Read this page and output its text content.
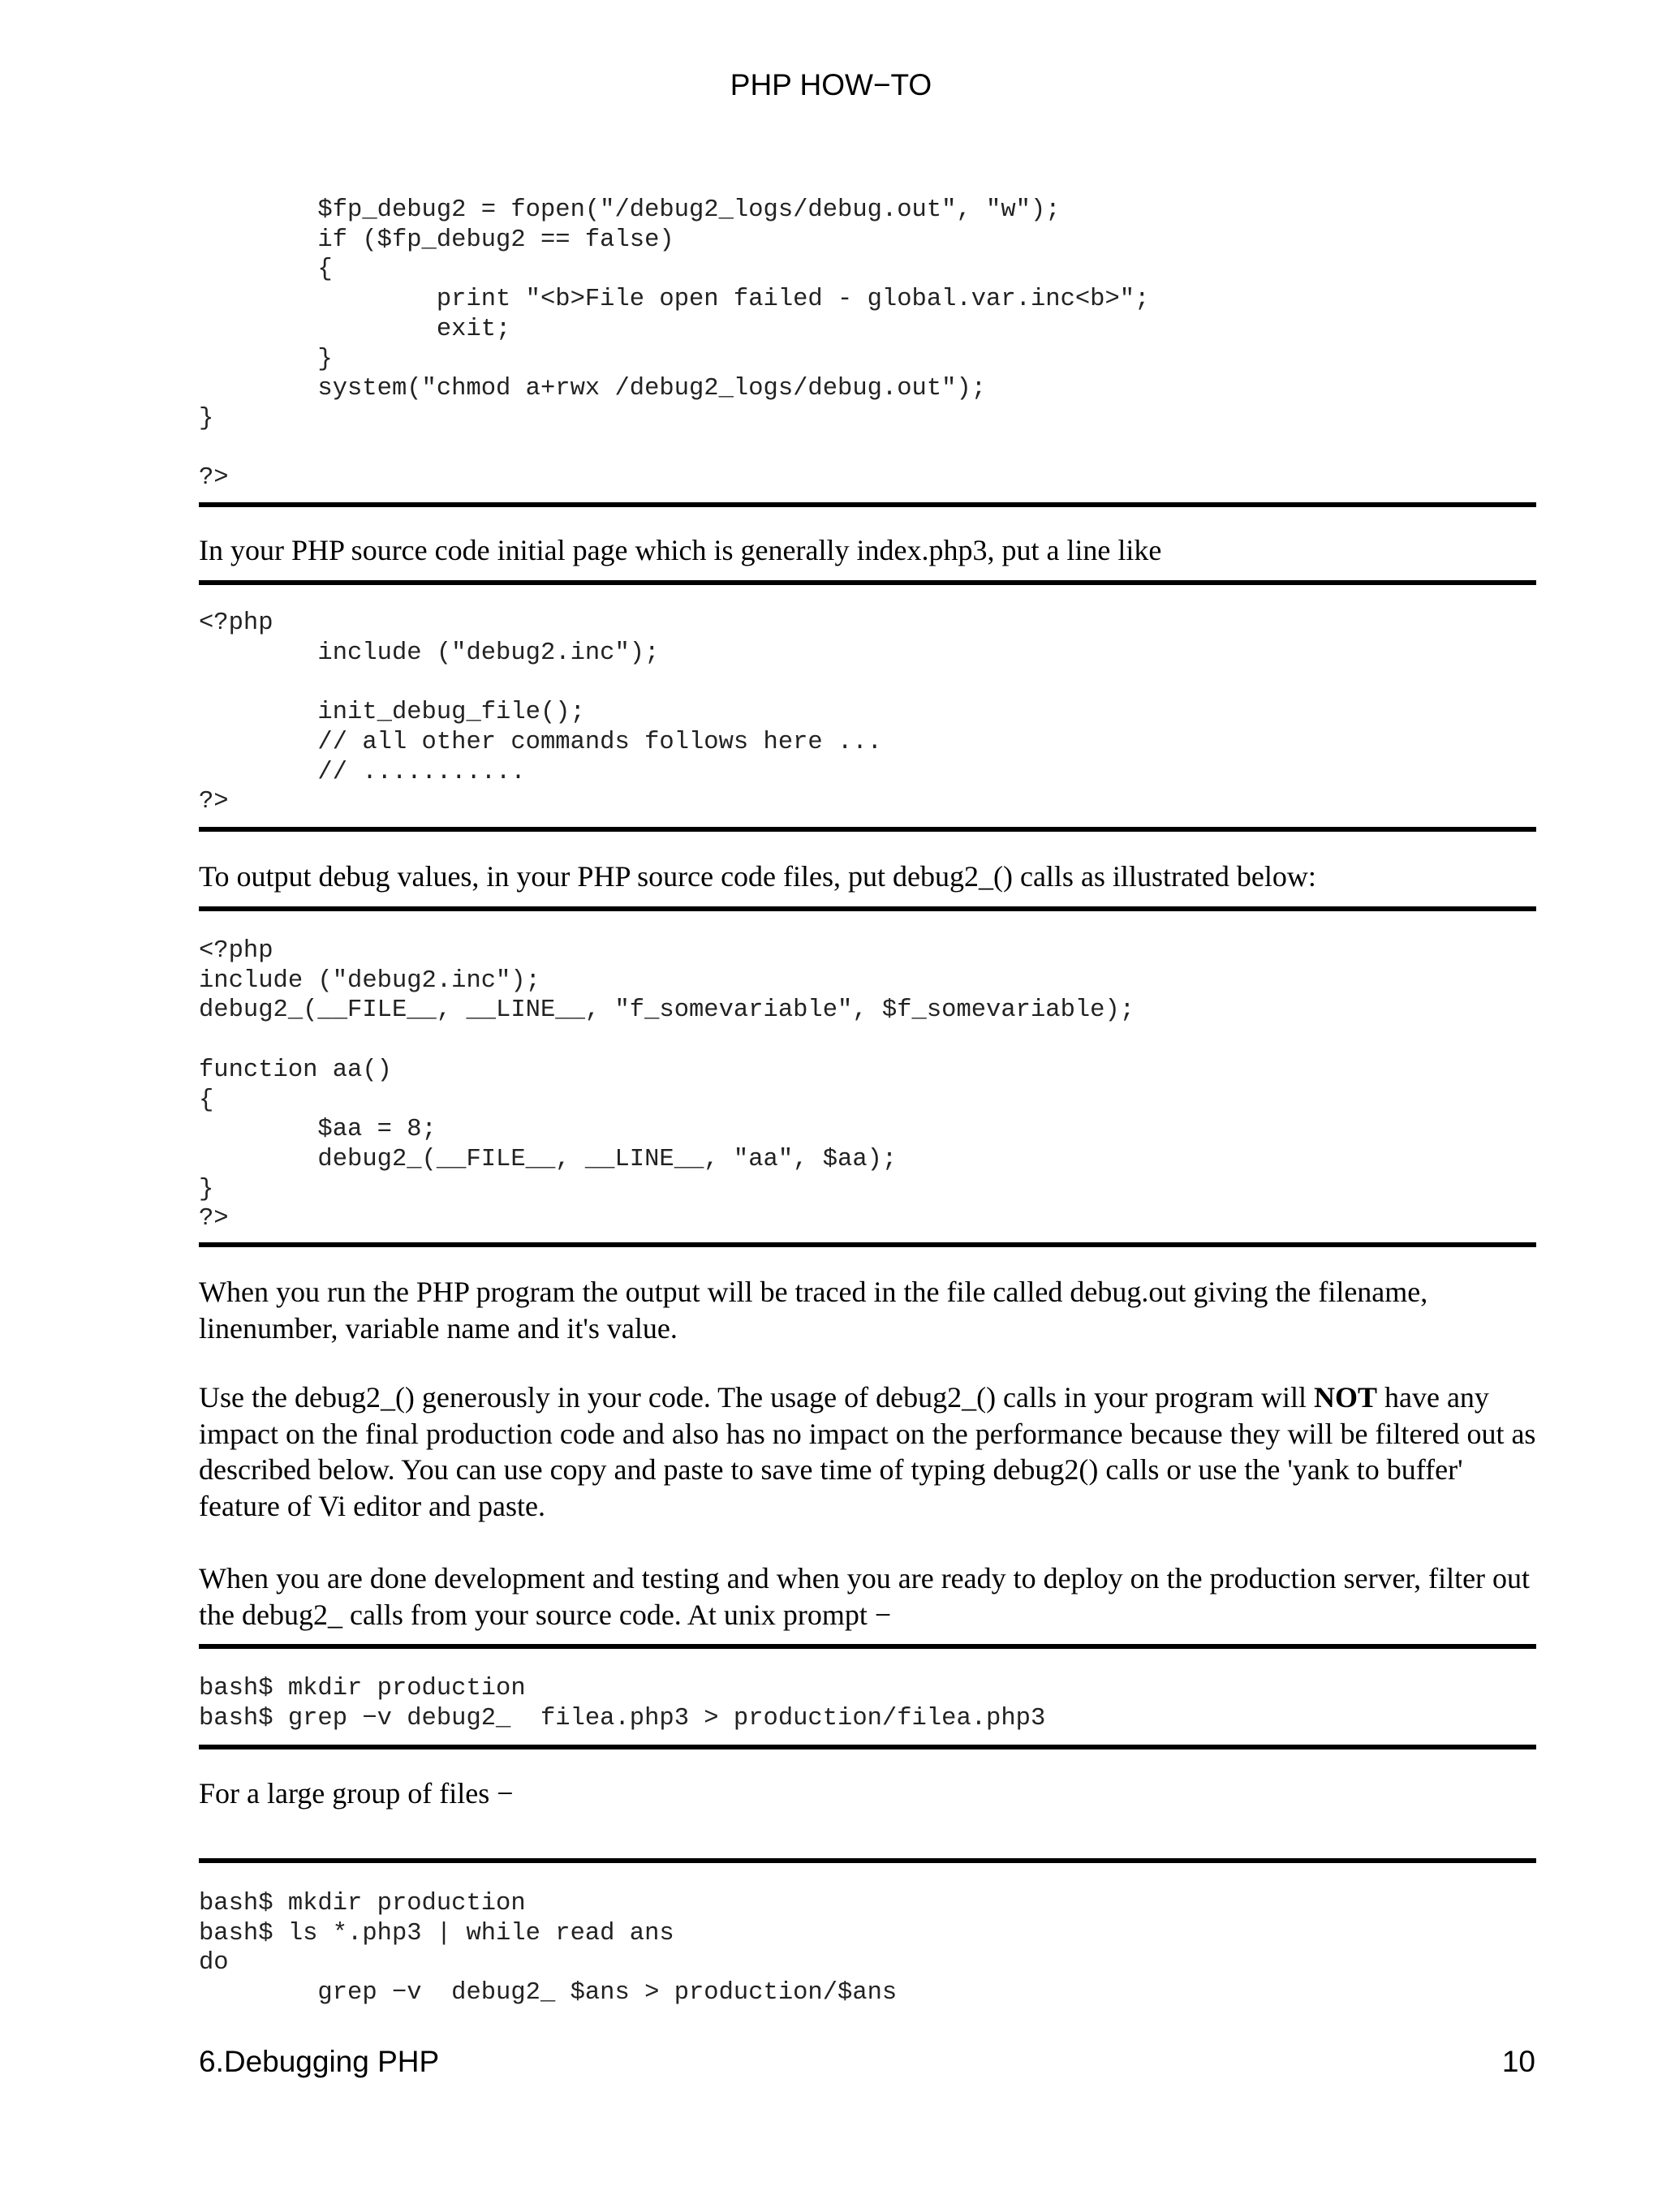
PHP HOW−TO
$fp_debug2 = fopen("/debug2_logs/debug.out", "w");
if ($fp_debug2 == false)
{
print "<b>File open failed - global.var.inc<b>";
exit;
}
system("chmod a+rwx /debug2_logs/debug.out");
}

?>

In your PHP source code initial page which is generally index.php3, put a line like

<?php
include ("debug2.inc");

init_debug_file();
// all other commands follows here ...
// ...........
?>

To output debug values, in your PHP source code files, put debug2_() calls as illustrated below:

<?php
include ("debug2.inc");
debug2_(__FILE__, __LINE__, "f_somevariable", $f_somevariable);

function aa()
{
$aa = 8;
debug2_(__FILE__, __LINE__, "aa", $aa);
}
?>

When you run the PHP program the output will be traced in the file called debug.out giving the filename, linenumber, variable name and it's value.

Use the debug2_() generously in your code. The usage of debug2_() calls in your program will NOT have any impact on the final production code and also has no impact on the performance because they will be filtered out as described below. You can use copy and paste to save time of typing debug2() calls or use the 'yank to buffer' feature of Vi editor and paste.

When you are done development and testing and when you are ready to deploy on the production server, filter out the debug2_ calls from your source code. At unix prompt −

bash$ mkdir production
bash$ grep −v debug2_  filea.php3 > production/filea.php3

For a large group of files −

bash$ mkdir production
bash$ ls *.php3 | while read ans
do
grep −v  debug2_ $ans > production/$ans
6.Debugging PHP	10
